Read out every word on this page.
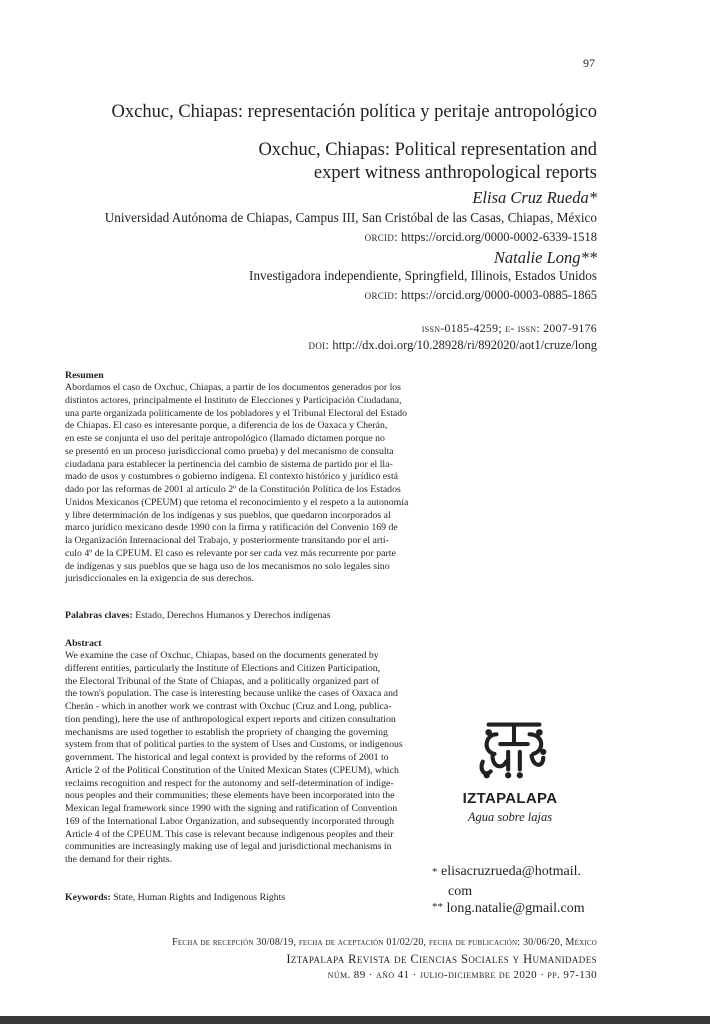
97
Oxchuc, Chiapas: representación política y peritaje antropológico
Oxchuc, Chiapas: Political representation and
expert witness anthropological reports
Elisa Cruz Rueda*
Universidad Autónoma de Chiapas, Campus III, San Cristóbal de las Casas, Chiapas, México
orcid: https://orcid.org/0000-0002-6339-1518
Natalie Long**
Investigadora independiente, Springfield, Illinois, Estados Unidos
orcid: https://orcid.org/0000-0003-0885-1865
issn-0185-4259; e- issn: 2007-9176
doi: http://dx.doi.org/10.28928/ri/892020/aot1/cruze/long
Resumen
Abordamos el caso de Oxchuc, Chiapas, a partir de los documentos generados por los
distintos actores, principalmente el Instituto de Elecciones y Participación Ciudadana,
una parte organizada políticamente de los pobladores y el Tribunal Electoral del Estado
de Chiapas. El caso es interesante porque, a diferencia de los de Oaxaca y Cherán,
en este se conjunta el uso del peritaje antropológico (llamado dictamen porque no
se presentó en un proceso jurisdiccional como prueba) y del mecanismo de consulta
ciudadana para establecer la pertinencia del cambio de sistema de partido por el lla-
mado de usos y costumbres o gobierno indígena. El contexto histórico y jurídico está
dado por las reformas de 2001 al artículo 2º de la Constitución Política de los Estados
Unidos Mexicanos (CPEUM) que retoma el reconocimiento y el respeto a la autonomía
y libre determinación de los indígenas y sus pueblos, que quedaron incorporados al
marco jurídico mexicano desde 1990 con la firma y ratificación del Convenio 169 de
la Organización Internacional del Trabajo, y posteriormente transitando por el artí-
culo 4º de la CPEUM. El caso es relevante por ser cada vez más recurrente por parte
de indígenas y sus pueblos que se haga uso de los mecanismos no solo legales sino
jurisdiccionales en la exigencia de sus derechos.
Palabras claves: Estado, Derechos Humanos y Derechos indígenas
Abstract
We examine the case of Oxchuc, Chiapas, based on the documents generated by
different entities, particularly the Institute of Elections and Citizen Participation,
the Electoral Tribunal of the State of Chiapas, and a politically organized part of
the town's population. The case is interesting because unlike the cases of Oaxaca and
Cherán - which in another work we contrast with Oxchuc (Cruz and Long, publica-
tion pending), here the use of anthropological expert reports and citizen consultation
mechanisms are used together to establish the propriety of changing the governing
system from that of political parties to the system of Uses and Customs, or indigenous
government. The historical and legal context is provided by the reforms of 2001 to
Article 2 of the Political Constitution of the United Mexican States (CPEUM), which
reclaims recognition and respect for the autonomy and self-determination of indige-
nous peoples and their communities; these elements have been incorporated into the
Mexican legal framework since 1990 with the signing and ratification of Convention
169 of the International Labor Organization, and subsequently incorporated through
Article 4 of the CPEUM. This case is relevant because indigenous peoples and their
communities are increasingly making use of legal and jurisdictional mechanisms in
the demand for their rights.
Keywords: State, Human Rights and Indigenous Rights
IZTAPALAPA
Agua sobre lajas
* elisacruzrueda@hotmail.
com
** long.natalie@gmail.com
Fecha de recepción 30/08/19, fecha de aceptación 01/02/20, fecha de publicación: 30/06/20, México
Iztapalapa Revista de Ciencias Sociales y Humanidades
núm. 89 · año 41 · julio-diciembre de 2020 · pp. 97-130
